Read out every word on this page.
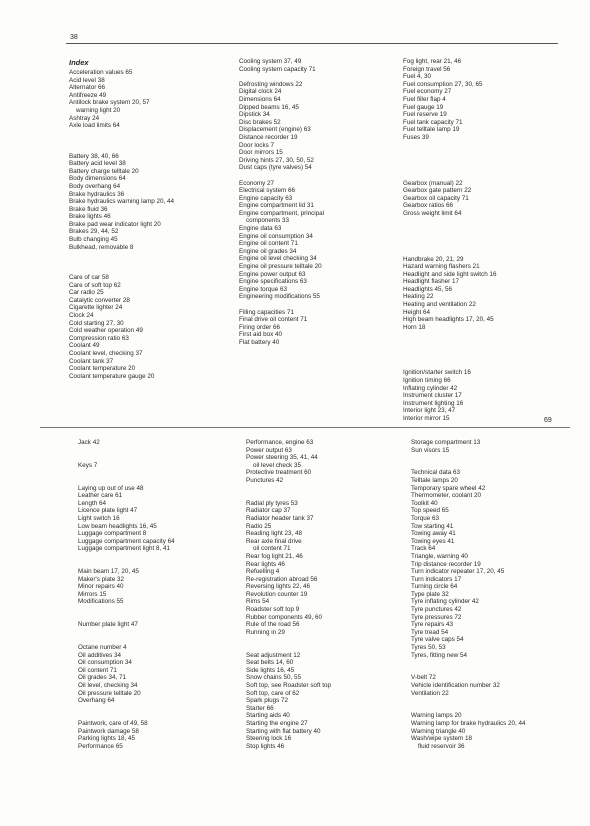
38
Index
Acceleration values 65
Acid level 38
Alternator 66
Antifreeze 49
Antilock brake system 20, 57
warning light 20
Ashtray 24
Axle load limits 64
Battery 38, 40, 66
Battery acid level 38
Battery charge telltale 20
Body dimensions 64
Body overhang 64
Brake hydraulics 36
Brake hydraulics warning lamp 20, 44
Brake fluid 36
Brake lights 46
Brake pad wear indicator light 20
Brakes 29, 44, 52
Bulb changing 45
Bulkhead, removable 8
Care of car 58
Care of soft top 62
Car radio 25
Catalytic converter 28
Cigarette lighter 24
Clock 24
Cold starting 27, 30
Cold weather operation 49
Compression ratio 63
Coolant 49
Coolant level, checking 37
Coolant tank 37
Coolant temperature 20
Coolant temperature gauge 20
Cooling system 37, 49
Cooling system capacity 71
Defrosting windows 22
Digital clock 24
Dimensions 64
Dipped beams 16, 45
Dipstick 34
Disc brakes 52
Displacement (engine) 63
Distance recorder 19
Door locks 7
Door mirrors 15
Driving hints 27, 30, 50, 52
Dust caps (tyre valves) 54
Economy 27
Electrical system 66
Engine capacity 63
Engine compartment lid 31
Engine compartment, principal
components 33
Engine data 63
Engine oil consumption 34
Engine oil content 71
Engine oil grades 34
Engine oil level checking 34
Engine oil pressure telltale 20
Engine power output 63
Engine specifications 63
Engine torque 63
Engineering modifications 55
Filling capacities 71
Final drive oil content 71
Firing order 66
First aid box 40
Flat battery 40
Fog light, rear 21, 46
Foreign travel 56
Fuel 4, 30
Fuel consumption 27, 30, 65
Fuel economy 27
Fuel filler flap 4
Fuel gauge 19
Fuel reserve 19
Fuel tank capacity 71
Fuel telltale lamp 19
Fuses 39
Gearbox (manual) 22
Gearbox gate pattern 22
Gearbox oil capacity 71
Gearbox ratios 66
Gross weight limit 64
Handbrake 20, 21, 29
Hazard warning flashers 21
Headlight and side light switch 16
Headlight flasher 17
Headlights 45, 56
Heating 22
Heating and ventilation 22
Height 64
High beam headlights 17, 20, 45
Horn 18
Ignition/starter switch 16
Ignition timing 66
Inflating cylinder 42
Instrument cluster 17
Instrument lighting 16
Interior light 23, 47
Interior mirror 15	69
Jack 42
Keys 7
Laying up out of use 48
Leather care 61
Length 64
Licence plate light 47
Light switch 16
Low beam headlights 16, 45
Luggage compartment 8
Luggage compartment capacity 64
Luggage compartment light 8, 41
Main beam 17, 20, 45
Maker's plate 32
Minor repairs 40
Mirrors 15
Modifications 55
Number plate light 47
Octane number 4
Oil additives 34
Oil consumption 34
Oil content 71
Oil grades 34, 71
Oil level, checking 34
Oil pressure telltale 20
Overhang 64
Paintwork, care of 49, 58
Paintwork damage 58
Parking lights 18, 45
Performance 65
Performance, engine 63
Power output 63
Power steering 35, 41, 44
oil level check 35
Protective treatment 60
Punctures 42
Radial ply tyres 53
Radiator cap 37
Radiator header tank 37
Radio 25
Reading light 23, 48
Rear axle final drive
oil content 71
Rear fog light 21, 46
Rear lights 46
Refuelling 4
Re-registration abroad 56
Reversing lights 22, 46
Revolution counter 19
Rims 54
Roadster soft top 9
Rubber components 49, 60
Rule of the road 56
Running in 29
Seat adjustment 12
Seat belts 14, 60
Side lights 16, 45
Snow chains 50, 55
Soft top, see Roadster soft top
Soft top, care of 62
Spark plugs 72
Starter 66
Starting aids 40
Starting the engine 27
Starting with flat battery 40
Steering lock 16
Stop lights 46
Storage compartment 13
Sun visors 15
Technical data 63
Telltale lamps 20
Temporary spare wheel 42
Thermometer, coolant 20
Toolkit 40
Top speed 65
Torque 63
Tow starting 41
Towing away 41
Towing eyes 41
Track 64
Triangle, warning 40
Trip distance recorder 19
Turn indicator repeater 17, 20, 45
Turn indicators 17
Turning circle 64
Type plate 32
Tyre inflating cylinder 42
Tyre punctures 42
Tyre pressures 72
Tyre repairs 43
Tyre tread 54
Tyre valve caps 54
Tyres 50, 53
Tyres, fitting new 54
V-belt 72
Vehicle identification number 32
Ventilation 22
Warning lamps 20
Warning lamp for brake hydraulics 20, 44
Warning triangle 40
Wash/wipe system 18
fluid reservoir 36
